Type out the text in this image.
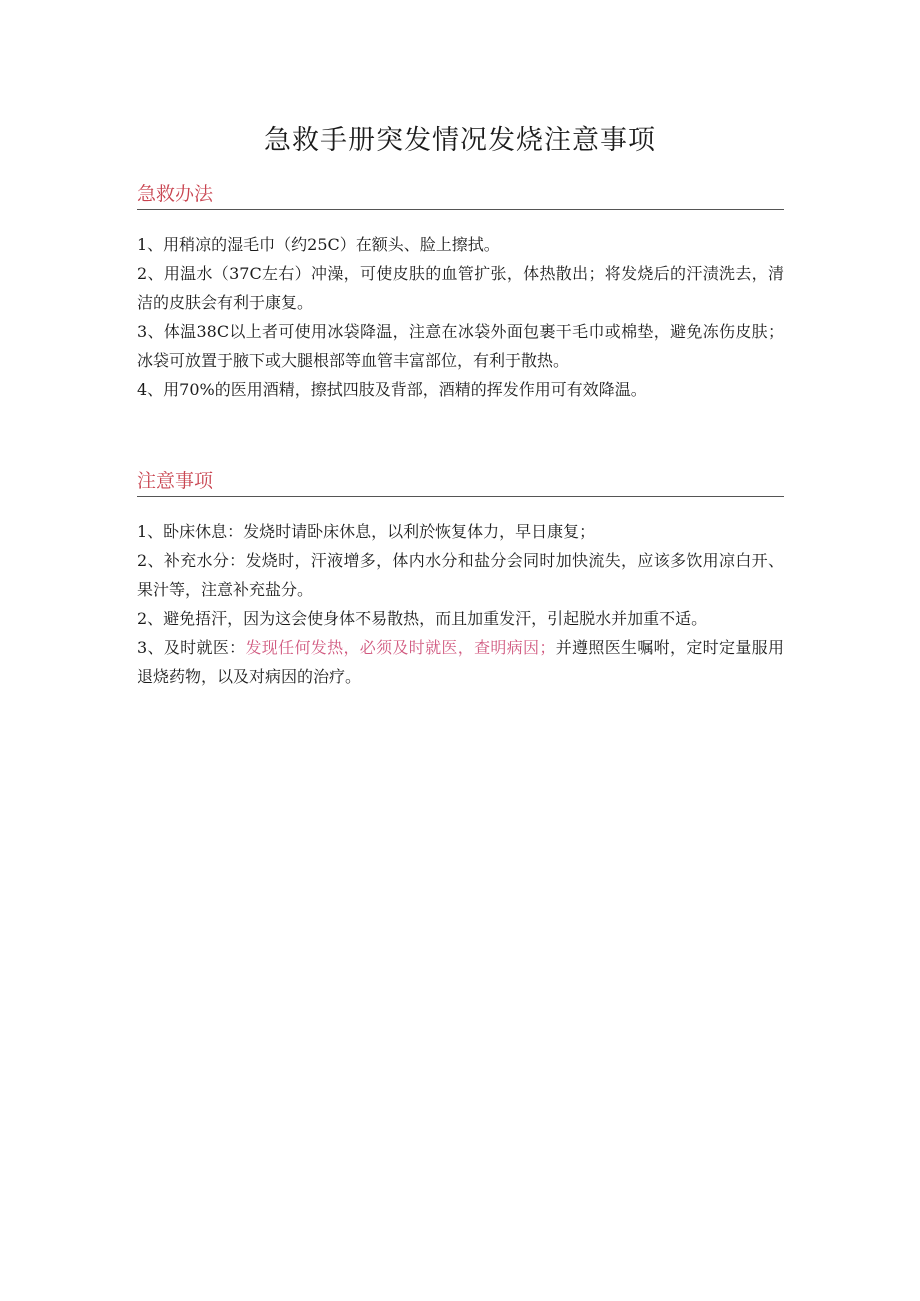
急救手册突发情况发烧注意事项
急救办法

1、用稍凉的湿毛巾（约25C）在额头、脸上擦拭。

2、用温水（37C左右）冲澡，可使皮肤的血管扩张，体热散出；将发烧后的汗渍洗去，清洁的皮肤会有利于康复。

3、体温38C以上者可使用冰袋降温，注意在冰袋外面包裹干毛巾或棉垫，避免冻伤皮肤；冰袋可放置于腋下或大腿根部等血管丰富部位，有利于散热。

4、用70%的医用酒精，擦拭四肢及背部，酒精的挥发作用可有效降温。

注意事项

1、卧床休息：发烧时请卧床休息，以利於恢复体力，早日康复；

2、补充水分：发烧时，汗液增多，体内水分和盐分会同时加快流失，应该多饮用凉白开、果汁等，注意补充盐分。

2、避免捂汗，因为这会使身体不易散热，而且加重发汗，引起脱水并加重不适。

3、及时就医：发现任何发热，必须及时就医，查明病因；并遵照医生嘱咐，定时定量服用退烧药物，以及对病因的治疗。
